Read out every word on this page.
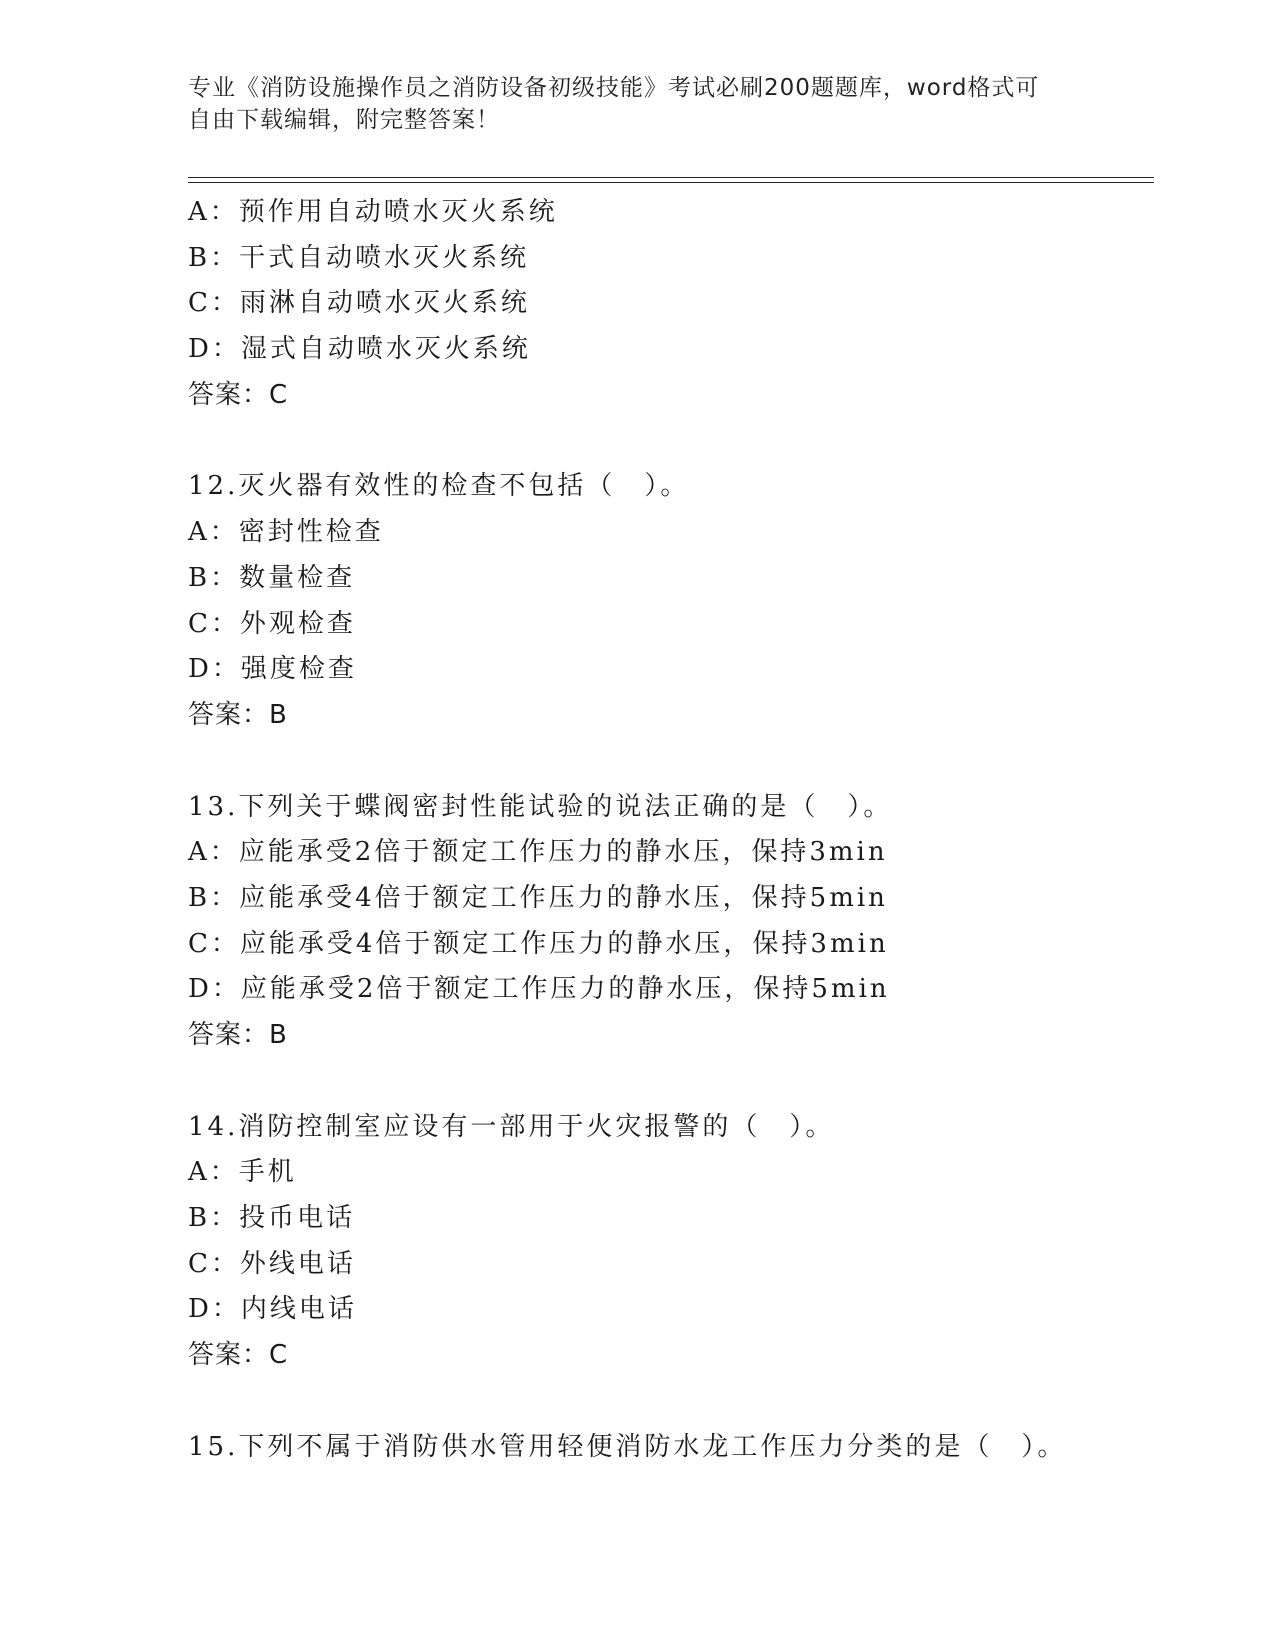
专业《消防设施操作员之消防设备初级技能》考试必刷200题题库，word格式可
自由下载编辑，附完整答案！
A：预作用自动喷水灭火系统
B：干式自动喷水灭火系统
C：雨淋自动喷水灭火系统
D：湿式自动喷水灭火系统
答案：C
12.灭火器有效性的检查不包括（　）。
A：密封性检查
B：数量检查
C：外观检查
D：强度检查
答案：B
13.下列关于蝶阀密封性能试验的说法正确的是（　）。
A：应能承受2倍于额定工作压力的静水压，保持3min
B：应能承受4倍于额定工作压力的静水压，保持5min
C：应能承受4倍于额定工作压力的静水压，保持3min
D：应能承受2倍于额定工作压力的静水压，保持5min
答案：B
14.消防控制室应设有一部用于火灾报警的（　）。
A：手机
B：投币电话
C：外线电话
D：内线电话
答案：C
15.下列不属于消防供水管用轻便消防水龙工作压力分类的是（　）。
